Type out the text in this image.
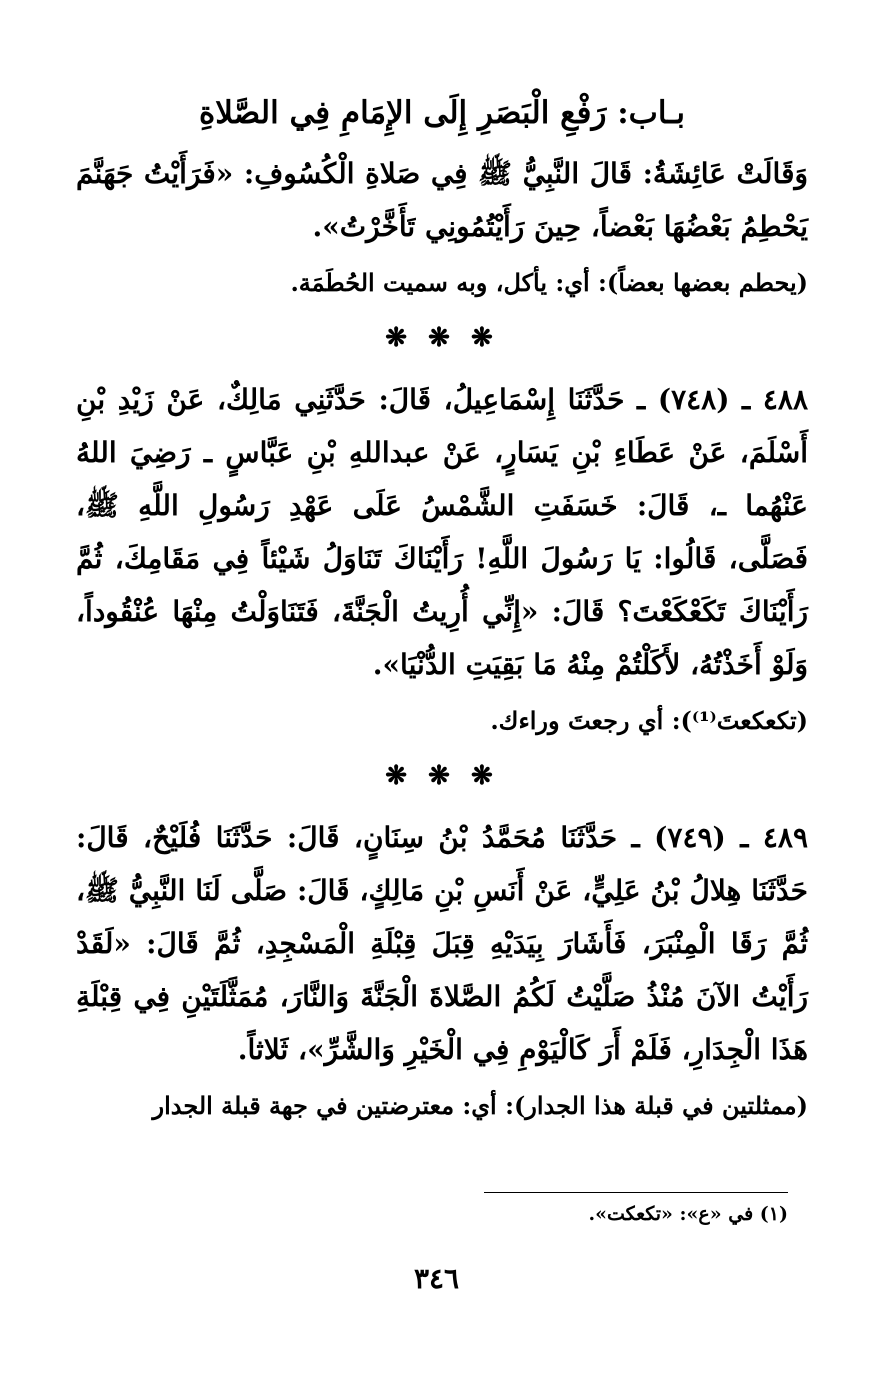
بـاب: رَفْعِ الْبَصَرِ إِلَى الإِمَامِ فِي الصَّلاةِ

وَقَالَتْ عَائِشَةُ: قَالَ النَّبِيُّ ﷺ فِي صَلاةِ الْكُسُوفِ: «فَرَأَيْتُ جَهَنَّمَ يَحْطِمُ بَعْضُهَا بَعْضاً، حِينَ رَأَيْتُمُونِي تَأَخَّرْتُ».

(يحطم بعضها بعضاً): أي: يأكل، وبه سميت الحُطَمَة.

❋ ❋ ❋

٤٨٨ ـ (٧٤٨) ـ حَدَّثَنَا إِسْمَاعِيلُ، قَالَ: حَدَّثَنِي مَالِكٌ، عَنْ زَيْدِ بْنِ أَسْلَمَ، عَنْ عَطَاءِ بْنِ يَسَارٍ، عَنْ عبداللهِ بْنِ عَبَّاسٍ ـ رَضِيَ اللهُ عَنْهُما ـ، قَالَ: خَسَفَتِ الشَّمْسُ عَلَى عَهْدِ رَسُولِ اللَّهِ ﷺ، فَصَلَّى، قَالُوا: يَا رَسُولَ اللَّهِ! رَأَيْنَاكَ تَنَاوَلُ شَيْئاً فِي مَقَامِكَ، ثُمَّ رَأَيْنَاكَ تَكَعْكَعْتَ؟ قَالَ: «إِنِّي أُرِيتُ الْجَنَّةَ، فَتَنَاوَلْتُ مِنْهَا عُنْقُوداً، وَلَوْ أَخَذْتُهُ، لأَكَلْتُمْ مِنْهُ مَا بَقِيَتِ الدُّنْيَا».

(تكعكعتَ⁽¹⁾): أي رجعتَ وراءك.

❋ ❋ ❋

٤٨٩ ـ (٧٤٩) ـ حَدَّثَنَا مُحَمَّدُ بْنُ سِنَانٍ، قَالَ: حَدَّثَنَا فُلَيْحٌ، قَالَ: حَدَّثَنَا هِلالُ بْنُ عَلِيٍّ، عَنْ أَنَسِ بْنِ مَالِكٍ، قَالَ: صَلَّى لَنَا النَّبِيُّ ﷺ، ثُمَّ رَقَا الْمِنْبَرَ، فَأَشَارَ بِيَدَيْهِ قِبَلَ قِبْلَةِ الْمَسْجِدِ، ثُمَّ قَالَ: «لَقَدْ رَأَيْتُ الآنَ مُنْذُ صَلَّيْتُ لَكُمُ الصَّلاةَ الْجَنَّةَ وَالنَّارَ، مُمَثَّلَتَيْنِ فِي قِبْلَةِ هَذَا الْجِدَارِ، فَلَمْ أَرَ كَالْيَوْمِ فِي الْخَيْرِ وَالشَّرِّ»، ثَلاثاً.

(ممثلتين في قبلة هذا الجدار): أي: معترضتين في جهة قبلة الجدار

(١) في «ع»: «تكعكت».
٣٤٦
